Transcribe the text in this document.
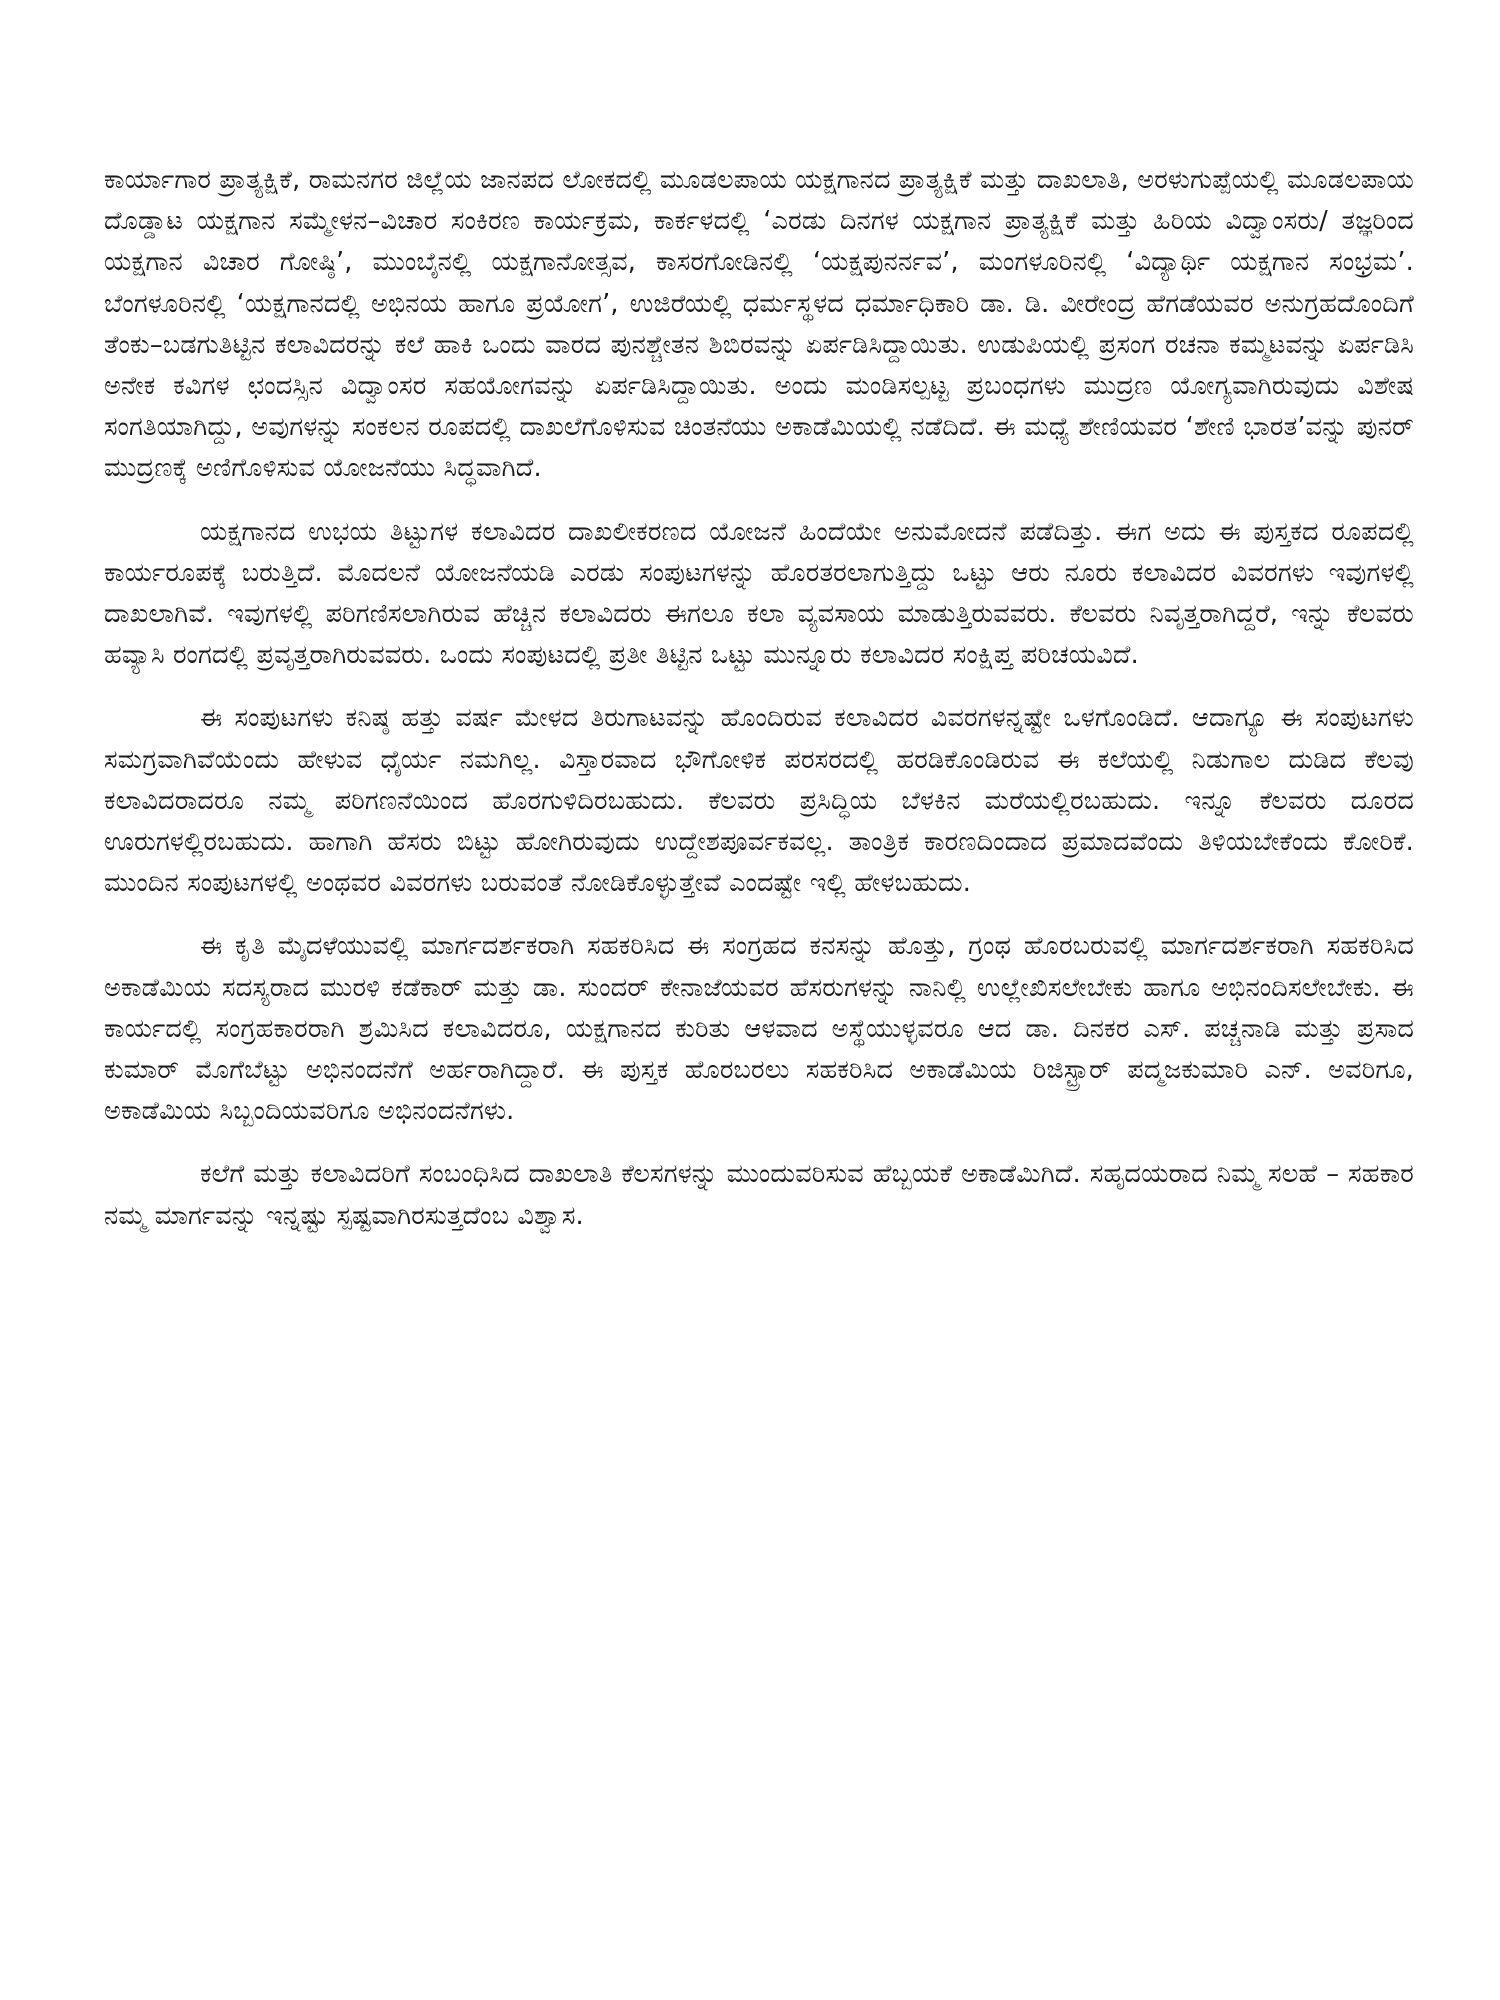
ಕಾರ್ಯಾಗಾರ ಪ್ರಾತ್ಯಕ್ಷಿಕೆ, ರಾಮನಗರ ಜಿಲ್ಲೆಯ ಜಾನಪದ ಲೋಕದಲ್ಲಿ ಮೂಡಲಪಾಯ ಯಕ್ಷಗಾನದ ಪ್ರಾತ್ಯಕ್ಷಿಕೆ ಮತ್ತು ದಾಖಲಾತಿ, ಅರಳುಗುಪ್ಪೆಯಲ್ಲಿ ಮೂಡಲಪಾಯ ದೊಡ್ಡಾಟ ಯಕ್ಷಗಾನ ಸಮ್ಮೇಳನ–ವಿಚಾರ ಸಂಕಿರಣ ಕಾರ್ಯಕ್ರಮ, ಕಾರ್ಕಳದಲ್ಲಿ ‘ಎರಡು ದಿನಗಳ ಯಕ್ಷಗಾನ ಪ್ರಾತ್ಯಕ್ಷಿಕೆ ಮತ್ತು ಹಿರಿಯ ವಿದ್ವಾಂಸರು/ ತಜ್ಞರಿಂದ ಯಕ್ಷಗಾನ ವಿಚಾರ ಗೋಷ್ಠಿ’, ಮುಂಬೈನಲ್ಲಿ ಯಕ್ಷಗಾನೋತ್ಸವ, ಕಾಸರಗೋಡಿನಲ್ಲಿ ‘ಯಕ್ಷಪುನರ್ನವ’, ಮಂಗಳೂರಿನಲ್ಲಿ ‘ವಿದ್ಯಾರ್ಥಿ ಯಕ್ಷಗಾನ ಸಂಭ್ರಮ’. ಬೆಂಗಳೂರಿನಲ್ಲಿ ‘ಯಕ್ಷಗಾನದಲ್ಲಿ ಅಭಿನಯ ಹಾಗೂ ಪ್ರಯೋಗ’, ಉಜಿರೆಯಲ್ಲಿ ಧರ್ಮಸ್ಥಳದ ಧರ್ಮಾಧಿಕಾರಿ ಡಾ. ಡಿ. ವೀರೇಂದ್ರ ಹೆಗಡೆಯವರ ಅನುಗ್ರಹದೊಂದಿಗೆ ತೆಂಕು–ಬಡಗುತಿಟ್ಟಿನ ಕಲಾವಿದರನ್ನು ಕಲೆ ಹಾಕಿ ಒಂದು ವಾರದ ಪುನಶ್ಚೇತನ ಶಿಬಿರವನ್ನು ಏರ್ಪಡಿಸಿದ್ದಾಯಿತು. ಉಡುಪಿಯಲ್ಲಿ ಪ್ರಸಂಗ ರಚನಾ ಕಮ್ಮಟವನ್ನು ಏರ್ಪಡಿಸಿ ಅನೇಕ ಕವಿಗಳ ಛಂದಸ್ಸಿನ ವಿದ್ವಾಂಸರ ಸಹಯೋಗವನ್ನು ಏರ್ಪಡಿಸಿದ್ದಾಯಿತು. ಅಂದು ಮಂಡಿಸಲ್ಪಟ್ಟ ಪ್ರಬಂಧಗಳು ಮುದ್ರಣ ಯೋಗ್ಯವಾಗಿರುವುದು ವಿಶೇಷ ಸಂಗತಿಯಾಗಿದ್ದು, ಅವುಗಳನ್ನು ಸಂಕಲನ ರೂಪದಲ್ಲಿ ದಾಖಲೆಗೊಳಿಸುವ ಚಿಂತನೆಯು ಅಕಾಡೆಮಿಯಲ್ಲಿ ನಡೆದಿದೆ. ಈ ಮಧ್ಯೆ ಶೇಣಿಯವರ ‘ಶೇಣಿ ಭಾರತ’ವನ್ನು ಪುನರ್ ಮುದ್ರಣಕ್ಕೆ ಅಣಿಗೊಳಿಸುವ ಯೋಜನೆಯು ಸಿದ್ಧವಾಗಿದೆ.

ಯಕ್ಷಗಾನದ ಉಭಯ ತಿಟ್ಟುಗಳ ಕಲಾವಿದರ ದಾಖಲೀಕರಣದ ಯೋಜನೆ ಹಿಂದೆಯೇ ಅನುಮೋದನೆ ಪಡೆದಿತ್ತು. ಈಗ ಅದು ಈ ಪುಸ್ತಕದ ರೂಪದಲ್ಲಿ ಕಾರ್ಯರೂಪಕ್ಕೆ ಬರುತ್ತಿದೆ. ಮೊದಲನೆ ಯೋಜನೆಯಡಿ ಎರಡು ಸಂಪುಟಗಳನ್ನು ಹೊರತರಲಾಗುತ್ತಿದ್ದು ಒಟ್ಟು ಆರು ನೂರು ಕಲಾವಿದರ ವಿವರಗಳು ಇವುಗಳಲ್ಲಿ ದಾಖಲಾಗಿವೆ. ಇವುಗಳಲ್ಲಿ ಪರಿಗಣಿಸಲಾಗಿರುವ ಹೆಚ್ಚಿನ ಕಲಾವಿದರು ಈಗಲೂ ಕಲಾ ವ್ಯವಸಾಯ ಮಾಡುತ್ತಿರುವವರು. ಕೆಲವರು ನಿವೃತ್ತರಾಗಿದ್ದರೆ, ಇನ್ನು ಕೆಲವರು ಹವ್ಯಾಸಿ ರಂಗದಲ್ಲಿ ಪ್ರವೃತ್ತರಾಗಿರುವವರು. ಒಂದು ಸಂಪುಟದಲ್ಲಿ ಪ್ರತೀ ತಿಟ್ಟಿನ ಒಟ್ಟು ಮುನ್ನೂರು ಕಲಾವಿದರ ಸಂಕ್ಷಿಪ್ತ ಪರಿಚಯವಿದೆ.

ಈ ಸಂಪುಟಗಳು ಕನಿಷ್ಠ ಹತ್ತು ವರ್ಷ ಮೇಳದ ತಿರುಗಾಟವನ್ನು ಹೊಂದಿರುವ ಕಲಾವಿದರ ವಿವರಗಳನ್ನಷ್ಟೇ ಒಳಗೊಂಡಿದೆ. ಆದಾಗ್ಯೂ ಈ ಸಂಪುಟಗಳು ಸಮಗ್ರವಾಗಿವೆಯೆಂದು ಹೇಳುವ ಧೈರ್ಯ ನಮಗಿಲ್ಲ. ವಿಸ್ತಾರವಾದ ಭೌಗೋಳಿಕ ಪರಸರದಲ್ಲಿ ಹರಡಿಕೊಂಡಿರುವ ಈ ಕಲೆಯಲ್ಲಿ ನಿಡುಗಾಲ ದುಡಿದ ಕೆಲವು ಕಲಾವಿದರಾದರೂ ನಮ್ಮ ಪರಿಗಣನೆಯಿಂದ ಹೊರಗುಳಿದಿರಬಹುದು. ಕೆಲವರು ಪ್ರಸಿದ್ಧಿಯ ಬೆಳಕಿನ ಮರೆಯಲ್ಲಿರಬಹುದು. ಇನ್ನೂ ಕೆಲವರು ದೂರದ ಊರುಗಳಲ್ಲಿರಬಹುದು. ಹಾಗಾಗಿ ಹೆಸರು ಬಿಟ್ಟು ಹೋಗಿರುವುದು ಉದ್ದೇಶಪೂರ್ವಕವಲ್ಲ. ತಾಂತ್ರಿಕ ಕಾರಣದಿಂದಾದ ಪ್ರಮಾದವೆಂದು ತಿಳಿಯಬೇಕೆಂದು ಕೋರಿಕೆ. ಮುಂದಿನ ಸಂಪುಟಗಳಲ್ಲಿ ಅಂಥವರ ವಿವರಗಳು ಬರುವಂತೆ ನೋಡಿಕೊಳ್ಳುತ್ತೇವೆ ಎಂದಷ್ಟೇ ಇಲ್ಲಿ ಹೇಳಬಹುದು.

ಈ ಕೃತಿ ಮೈದಳೆಯುವಲ್ಲಿ ಮಾರ್ಗದರ್ಶಕರಾಗಿ ಸಹಕರಿಸಿದ ಈ ಸಂಗ್ರಹದ ಕನಸನ್ನು ಹೊತ್ತು, ಗ್ರಂಥ ಹೊರಬರುವಲ್ಲಿ ಮಾರ್ಗದರ್ಶಕರಾಗಿ ಸಹಕರಿಸಿದ ಅಕಾಡೆಮಿಯ ಸದಸ್ಯರಾದ ಮುರಳಿ ಕಡೆಕಾರ್ ಮತ್ತು ಡಾ. ಸುಂದರ್ ಕೇನಾಜೆಯವರ ಹೆಸರುಗಳನ್ನು ನಾನಿಲ್ಲಿ ಉಲ್ಲೇಖಿಸಲೇಬೇಕು ಹಾಗೂ ಅಭಿನಂದಿಸಲೇಬೇಕು. ಈ ಕಾರ್ಯದಲ್ಲಿ ಸಂಗ್ರಹಕಾರರಾಗಿ ಶ್ರಮಿಸಿದ ಕಲಾವಿದರೂ, ಯಕ್ಷಗಾನದ ಕುರಿತು ಆಳವಾದ ಅಸ್ಥೆಯುಳ್ಳವರೂ ಆದ ಡಾ. ದಿನಕರ ಎಸ್. ಪಚ್ಚನಾಡಿ ಮತ್ತು ಪ್ರಸಾದ ಕುಮಾರ್ ಮೊಗೆಬೆಟ್ಟು ಅಭಿನಂದನೆಗೆ ಅರ್ಹರಾಗಿದ್ದಾರೆ. ಈ ಪುಸ್ತಕ ಹೊರಬರಲು ಸಹಕರಿಸಿದ ಅಕಾಡೆಮಿಯ ರಿಜಿಸ್ಟ್ರಾರ್ ಪದ್ಮಜಕುಮಾರಿ ಎನ್. ಅವರಿಗೂ, ಅಕಾಡೆಮಿಯ ಸಿಬ್ಬಂದಿಯವರಿಗೂ ಅಭಿನಂದನೆಗಳು.

ಕಲೆಗೆ ಮತ್ತು ಕಲಾವಿದರಿಗೆ ಸಂಬಂಧಿಸಿದ ದಾಖಲಾತಿ ಕೆಲಸಗಳನ್ನು ಮುಂದುವರಿಸುವ ಹೆಬ್ಬಯಕೆ ಅಕಾಡೆಮಿಗಿದೆ. ಸಹೃದಯರಾದ ನಿಮ್ಮ ಸಲಹೆ – ಸಹಕಾರ ನಮ್ಮ ಮಾರ್ಗವನ್ನು ಇನ್ನಷ್ಟು ಸ್ಪಷ್ಟವಾಗಿರಸುತ್ತದೆಂಬ ವಿಶ್ವಾಸ.
